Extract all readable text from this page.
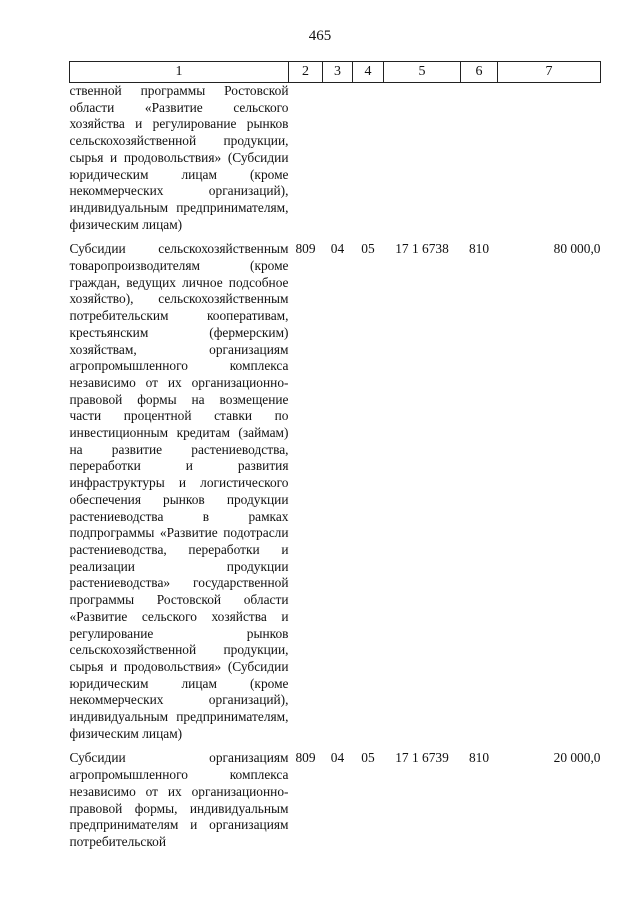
465
1	2	3	4	5	6	7
ственной программы Ростовской области «Развитие сельского хозяйства и регулирование рынков сельскохозяйственной продукции, сырья и продовольствия» (Субсидии юридическим лицам (кроме некоммерческих организаций), индивидуальным предпринимателям, физическим лицам)						

Субсидии сельскохозяйственным товаропроизводителям (кроме граждан, ведущих личное подсобное хозяйство), сельскохозяйственным потребительским кооперативам, крестьянским (фермерским) хозяйствам, организациям агропромышленного комплекса независимо от их организационно-правовой формы на возмещение части процентной ставки по инвестиционным кредитам (займам) на развитие растениеводства, переработки и развития инфраструктуры и логистического обеспечения рынков продукции растениеводства в рамках подпрограммы «Развитие подотрасли растениеводства, переработки и реализации продукции растениеводства» государственной программы Ростовской области «Развитие сельского хозяйства и регулирование рынков сельскохозяйственной продукции, сырья и продовольствия» (Субсидии юридическим лицам (кроме некоммерческих организаций), индивидуальным предпринимателям, физическим лицам)	809	04	05	17 1 6738	810	80 000,0

Субсидии организациям агропромышленного комплекса независимо от их организационно-правовой формы, индивидуальным предпринимателям и организациям потребительской	809	04	05	17 1 6739	810	20 000,0
